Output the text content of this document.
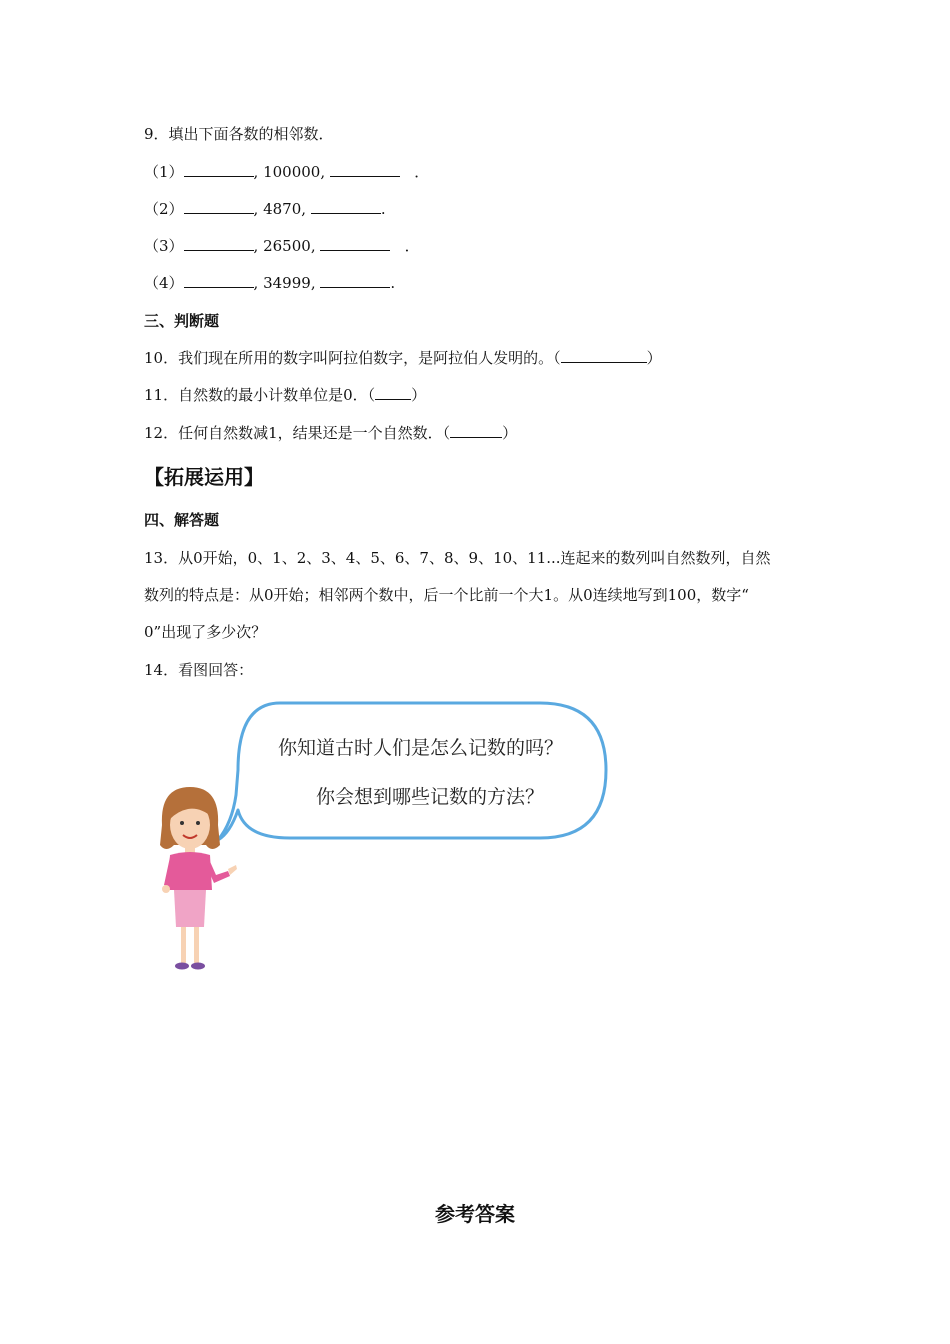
9．填出下面各数的相邻数．
（1）	, 100000,	．
（2）	, 4870,	.
（3）	, 26500,	．
（4）	, 34999,	.
三、判断题
10．我们现在所用的数字叫阿拉伯数字，是阿拉伯人发明的。（	）
11．自然数的最小计数单位是0．（ ）
12．任何自然数减1，结果还是一个自然数．（	）
【拓展运用】
四、解答题
13．从0开始，0、1、2、3、4、5、6、7、8、9、10、11...连起来的数列叫自然数列，自然
数列的特点是：从0开始；相邻两个数中，后一个比前一个大1。从0连续地写到100，数字“
0”出现了多少次？
14．看图回答：
你知道古时人们是怎么记数的吗？
你会想到哪些记数的方法？
参考答案
